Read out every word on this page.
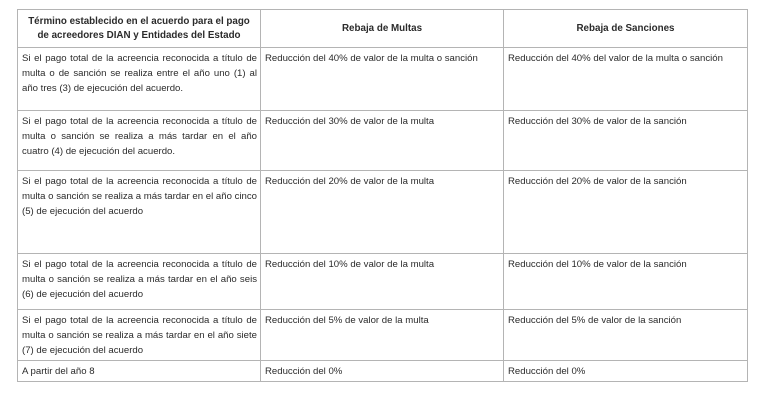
Término establecido en el acuerdo para el pago de acreedores DIAN y Entidades del Estado	Rebaja de Multas	Rebaja de Sanciones
Si el pago total de la acreencia reconocida a título de multa o de sanción se realiza entre el año uno (1) al año tres (3) de ejecución del acuerdo.	Reducción del 40% de valor de la multa o sanción	Reducción del 40% del valor de la multa o sanción
Si el pago total de la acreencia reconocida a título de multa o sanción se realiza a más tardar en el año cuatro (4) de ejecución del acuerdo.	Reducción del 30% de valor de la multa	Reducción del 30% de valor de la sanción
Si el pago total de la acreencia reconocida a título de multa o sanción se realiza a más tardar en el año cinco (5) de ejecución del acuerdo	Reducción del 20% de valor de la multa	Reducción del 20% de valor de la sanción
Si el pago total de la acreencia reconocida a título de multa o sanción se realiza a más tardar en el año seis (6) de ejecución del acuerdo	Reducción del 10% de valor de la multa	Reducción del 10% de valor de la sanción
Si el pago total de la acreencia reconocida a título de multa o sanción se realiza a más tardar en el año siete (7) de ejecución del acuerdo	Reducción del 5% de valor de la multa	Reducción del 5% de valor de la sanción
A partir del año 8	Reducción del 0%	Reducción del 0%
